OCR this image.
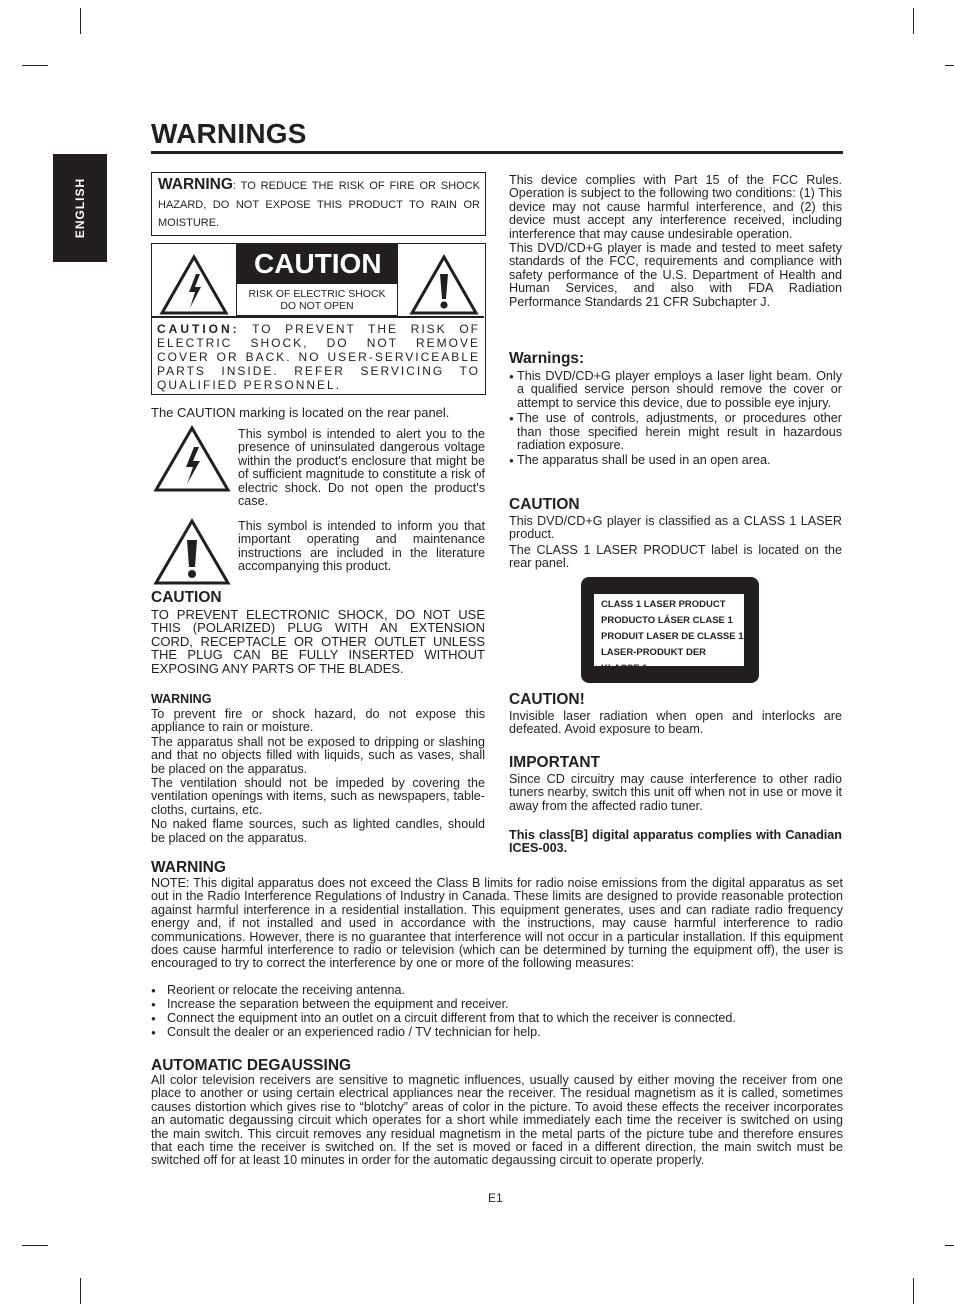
WARNINGS
ENGLISH	WARNING: TO REDUCE THE RISK OF FIRE OR SHOCK HAZARD, DO NOT EXPOSE THIS PRODUCT TO RAIN OR MOISTURE.
CAUTION
RISK OF ELECTRIC SHOCK
DO NOT OPEN
CAUTION: TO PREVENT THE RISK OF ELECTRIC SHOCK, DO NOT REMOVE COVER OR BACK. NO USER-SERVICEABLE PARTS INSIDE. REFER SERVICING TO QUALIFIED PERSONNEL.
The CAUTION marking is located on the rear panel.
This symbol is intended to alert you to the presence of uninsulated dangerous voltage within the product's enclosure that might be of sufficient magnitude to constitute a risk of electric shock. Do not open the product's case.
This symbol is intended to inform you that important operating and maintenance instructions are included in the literature accompanying this product.
CAUTION
TO PREVENT ELECTRONIC SHOCK, DO NOT USE THIS (POLARIZED) PLUG WITH AN EXTENSION CORD, RECEPTACLE OR OTHER OUTLET UNLESS THE PLUG CAN BE FULLY INSERTED WITHOUT EXPOSING ANY PARTS OF THE BLADES.
WARNING
To prevent fire or shock hazard, do not expose this appliance to rain or moisture.
The apparatus shall not be exposed to dripping or slashing and that no objects filled with liquids, such as vases, shall be placed on the apparatus.
The ventilation should not be impeded by covering the ventilation openings with items, such as newspapers, table-cloths, curtains, etc.
No naked flame sources, such as lighted candles, should be placed on the apparatus.
This device complies with Part 15 of the FCC Rules. Operation is subject to the following two conditions: (1) This device may not cause harmful interference, and (2) this device must accept any interference received, including interference that may cause undesirable operation.
This DVD/CD+G player is made and tested to meet safety standards of the FCC, requirements and compliance with safety performance of the U.S. Department of Health and Human Services, and also with FDA Radiation Performance Standards 21 CFR Subchapter J.
Warnings:
● This DVD/CD+G player employs a laser light beam. Only a qualified service person should remove the cover or attempt to service this device, due to possible eye injury.
● The use of controls, adjustments, or procedures other than those specified herein might result in hazardous radiation exposure.
● The apparatus shall be used in an open area.
CAUTION
This DVD/CD+G player is classified as a CLASS 1 LASER product.
The CLASS 1 LASER PRODUCT label is located on the rear panel.
CLASS 1 LASER PRODUCT
PRODUCTO LÁSER CLASE 1
PRODUIT LASER DE CLASSE 1
LASER-PRODUKT DER KLASSE 1
CAUTION!
Invisible laser radiation when open and interlocks are defeated. Avoid exposure to beam.
IMPORTANT
Since CD circuitry may cause interference to other radio tuners nearby, switch this unit off when not in use or move it away from the affected radio tuner.
This class[B] digital apparatus complies with Canadian ICES-003.
WARNING
NOTE: This digital apparatus does not exceed the Class B limits for radio noise emissions from the digital apparatus as set out in the Radio Interference Regulations of Industry in Canada. These limits are designed to provide reasonable protection against harmful interference in a residential installation. This equipment generates, uses and can radiate radio frequency energy and, if not installed and used in accordance with the instructions, may cause harmful interference to radio communications. However, there is no guarantee that interference will not occur in a particular installation. If this equipment does cause harmful interference to radio or television (which can be determined by turning the equipment off), the user is encouraged to try to correct the interference by one or more of the following measures:
● Reorient or relocate the receiving antenna.
● Increase the separation between the equipment and receiver.
● Connect the equipment into an outlet on a circuit different from that to which the receiver is connected.
● Consult the dealer or an experienced radio / TV technician for help.
AUTOMATIC DEGAUSSING
All color television receivers are sensitive to magnetic influences, usually caused by either moving the receiver from one place to another or using certain electrical appliances near the receiver. The residual magnetism as it is called, sometimes causes distortion which gives rise to “blotchy” areas of color in the picture. To avoid these effects the receiver incorporates an automatic degaussing circuit which operates for a short while immediately each time the receiver is switched on using the main switch. This circuit removes any residual magnetism in the metal parts of the picture tube and therefore ensures that each time the receiver is switched on. If the set is moved or faced in a different direction, the main switch must be switched off for at least 10 minutes in order for the automatic degaussing circuit to operate properly.
E1
